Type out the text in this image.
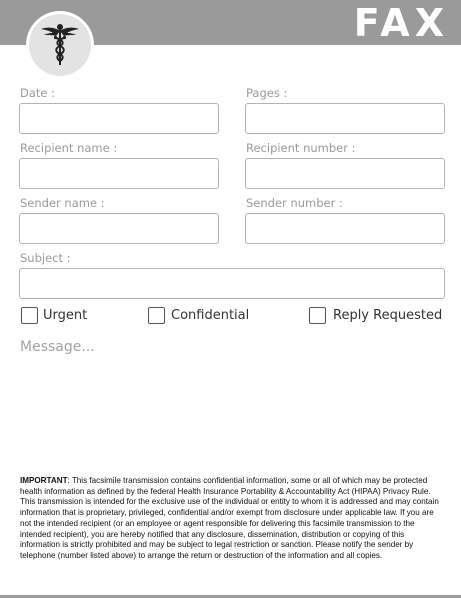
FAX
Date :	Pages :
Recipient name :	Recipient number :
Sender name :	Sender number :
Subject :
Urgent	Confidential	Reply Requested
Message...
IMPORTANT: This facsimile transmission contains confidential information, some or all of which may be protected health information as defined by the federal Health Insurance Portability & Accountability Act (HIPAA) Privacy Rule. This transmission is intended for the exclusive use of the individual or entity to whom it is addressed and may contain information that is proprietary, privileged, confidential and/or exempt from disclosure under applicable law. If you are not the intended recipient (or an employee or agent responsible for delivering this facsimile transmission to the intended recipient), you are hereby notified that any disclosure, dissemination, distribution or copying of this information is strictly prohibited and may be subject to legal restriction or sanction. Please notify the sender by telephone (number listed above) to arrange the return or destruction of the information and all copies.
